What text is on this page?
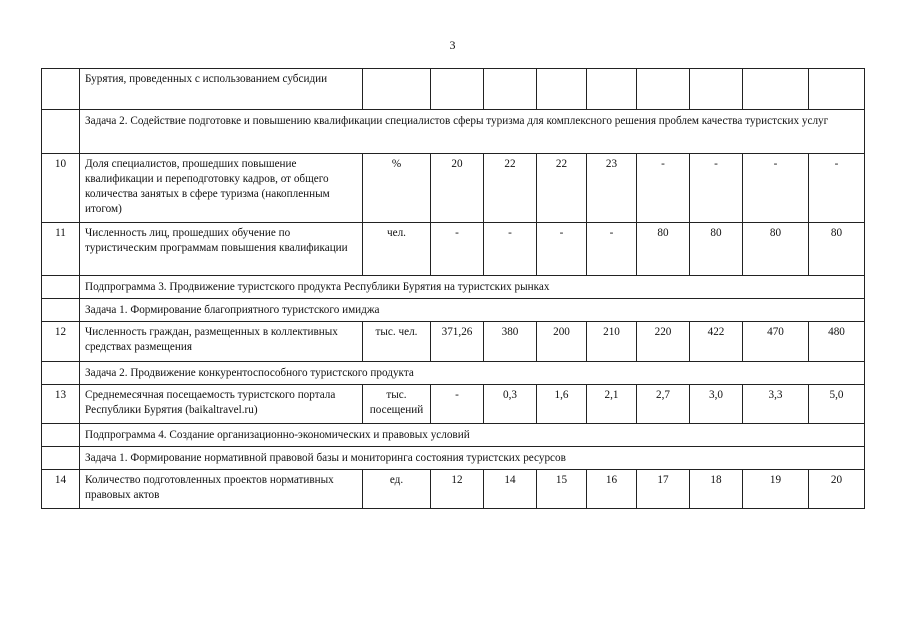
3
	Бурятия, проведенных с использованием субсидии									
	Задача 2. Содействие подготовке и повышению квалификации специалистов сферы туризма для комплексного решения проблем качества туристских услуг									
10	Доля специалистов, прошедших повышение квалификации и переподготовку кадров, от общего количества занятых в сфере туризма (накопленным итогом)	%	20	22	22	23	-	-	-	-
11	Численность лиц, прошедших обучение по туристическим программам повышения квалификации	чел.	-	-	-	-	80	80	80	80
	Подпрограмма 3. Продвижение туристского продукта Республики Бурятия на туристских рынках									
	Задача 1. Формирование благоприятного туристского имиджа									
12	Численность граждан, размещенных в коллективных средствах размещения	тыс. чел.	371,26	380	200	210	220	422	470	480
	Задача 2. Продвижение конкурентоспособного туристского продукта									
13	Среднемесячная посещаемость туристского портала Республики Бурятия (baikaltravel.ru)	тыс. посещений	-	0,3	1,6	2,1	2,7	3,0	3,3	5,0
	Подпрограмма 4. Создание организационно-экономических и правовых условий									
	Задача 1. Формирование нормативной правовой базы и мониторинга состояния туристских ресурсов									
14	Количество подготовленных проектов нормативных правовых актов	ед.	12	14	15	16	17	18	19	20
